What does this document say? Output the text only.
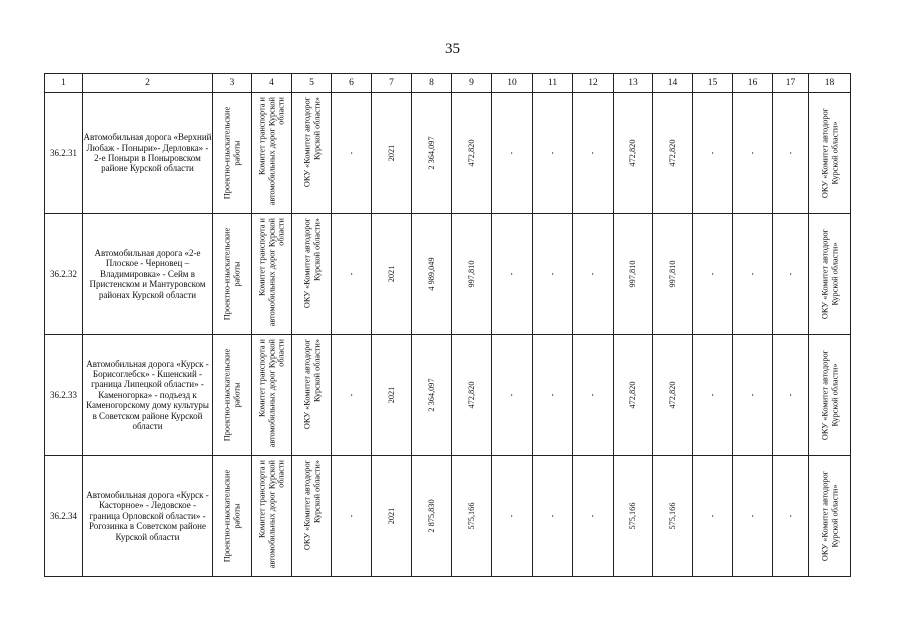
35
1	2	3	4	5	6	7	8	9	10	11	12	13	14	15	16	17	18
36.2.31	Автомобильная дорога «Верхний Любаж - Поныри»- Дерловка» - 2-е Поныри в Поныровском районе Курской области	Проектно-изыскательские работы	Комитет транспорта и автомобильных дорог Курской области	ОКУ «Комитет автодорог Курской области»	-	2021	2 364,097	472,820	-	-	-	472,820	472,820	-	-	-	ОКУ «Комитет автодорог Курской области»

36.2.32	Автомобильная дорога «2-е Плоское - Черновец – Владимировка» - Сейм в Пристенском и Мантуровском районах Курской области	Проектно-изыскательские работы	Комитет транспорта и автомобильных дорог Курской области	ОКУ «Комитет автодорог Курской области»	-	2021	4 989,049	997,810	-	-	-	997,810	997,810	-	-	-	ОКУ «Комитет автодорог Курской области»

36.2.33	Автомобильная дорога «Курск - Борисоглебск» - Кшенский - граница Липецкой области» - Каменогорка» - подъезд к Каменогорскому дому культуры в Советском районе Курской области	Проектно-изыскательские работы	Комитет транспорта и автомобильных дорог Курской области	ОКУ «Комитет автодорог Курской области»	-	2021	2 364,097	472,820	-	-	-	472,820	472,820	-	-	-	ОКУ «Комитет автодорог Курской области»

36.2.34	Автомобильная дорога «Курск - Касторное» - Ледовское - граница Орловской области» - Рогозинка в Советском районе Курской области	Проектно-изыскательские работы	Комитет транспорта и автомобильных дорог Курской области	ОКУ «Комитет автодорог Курской области»	-	2021	2 875,830	575,166	-	-	-	575,166	575,166	-	-	-	ОКУ «Комитет автодорог Курской области»
